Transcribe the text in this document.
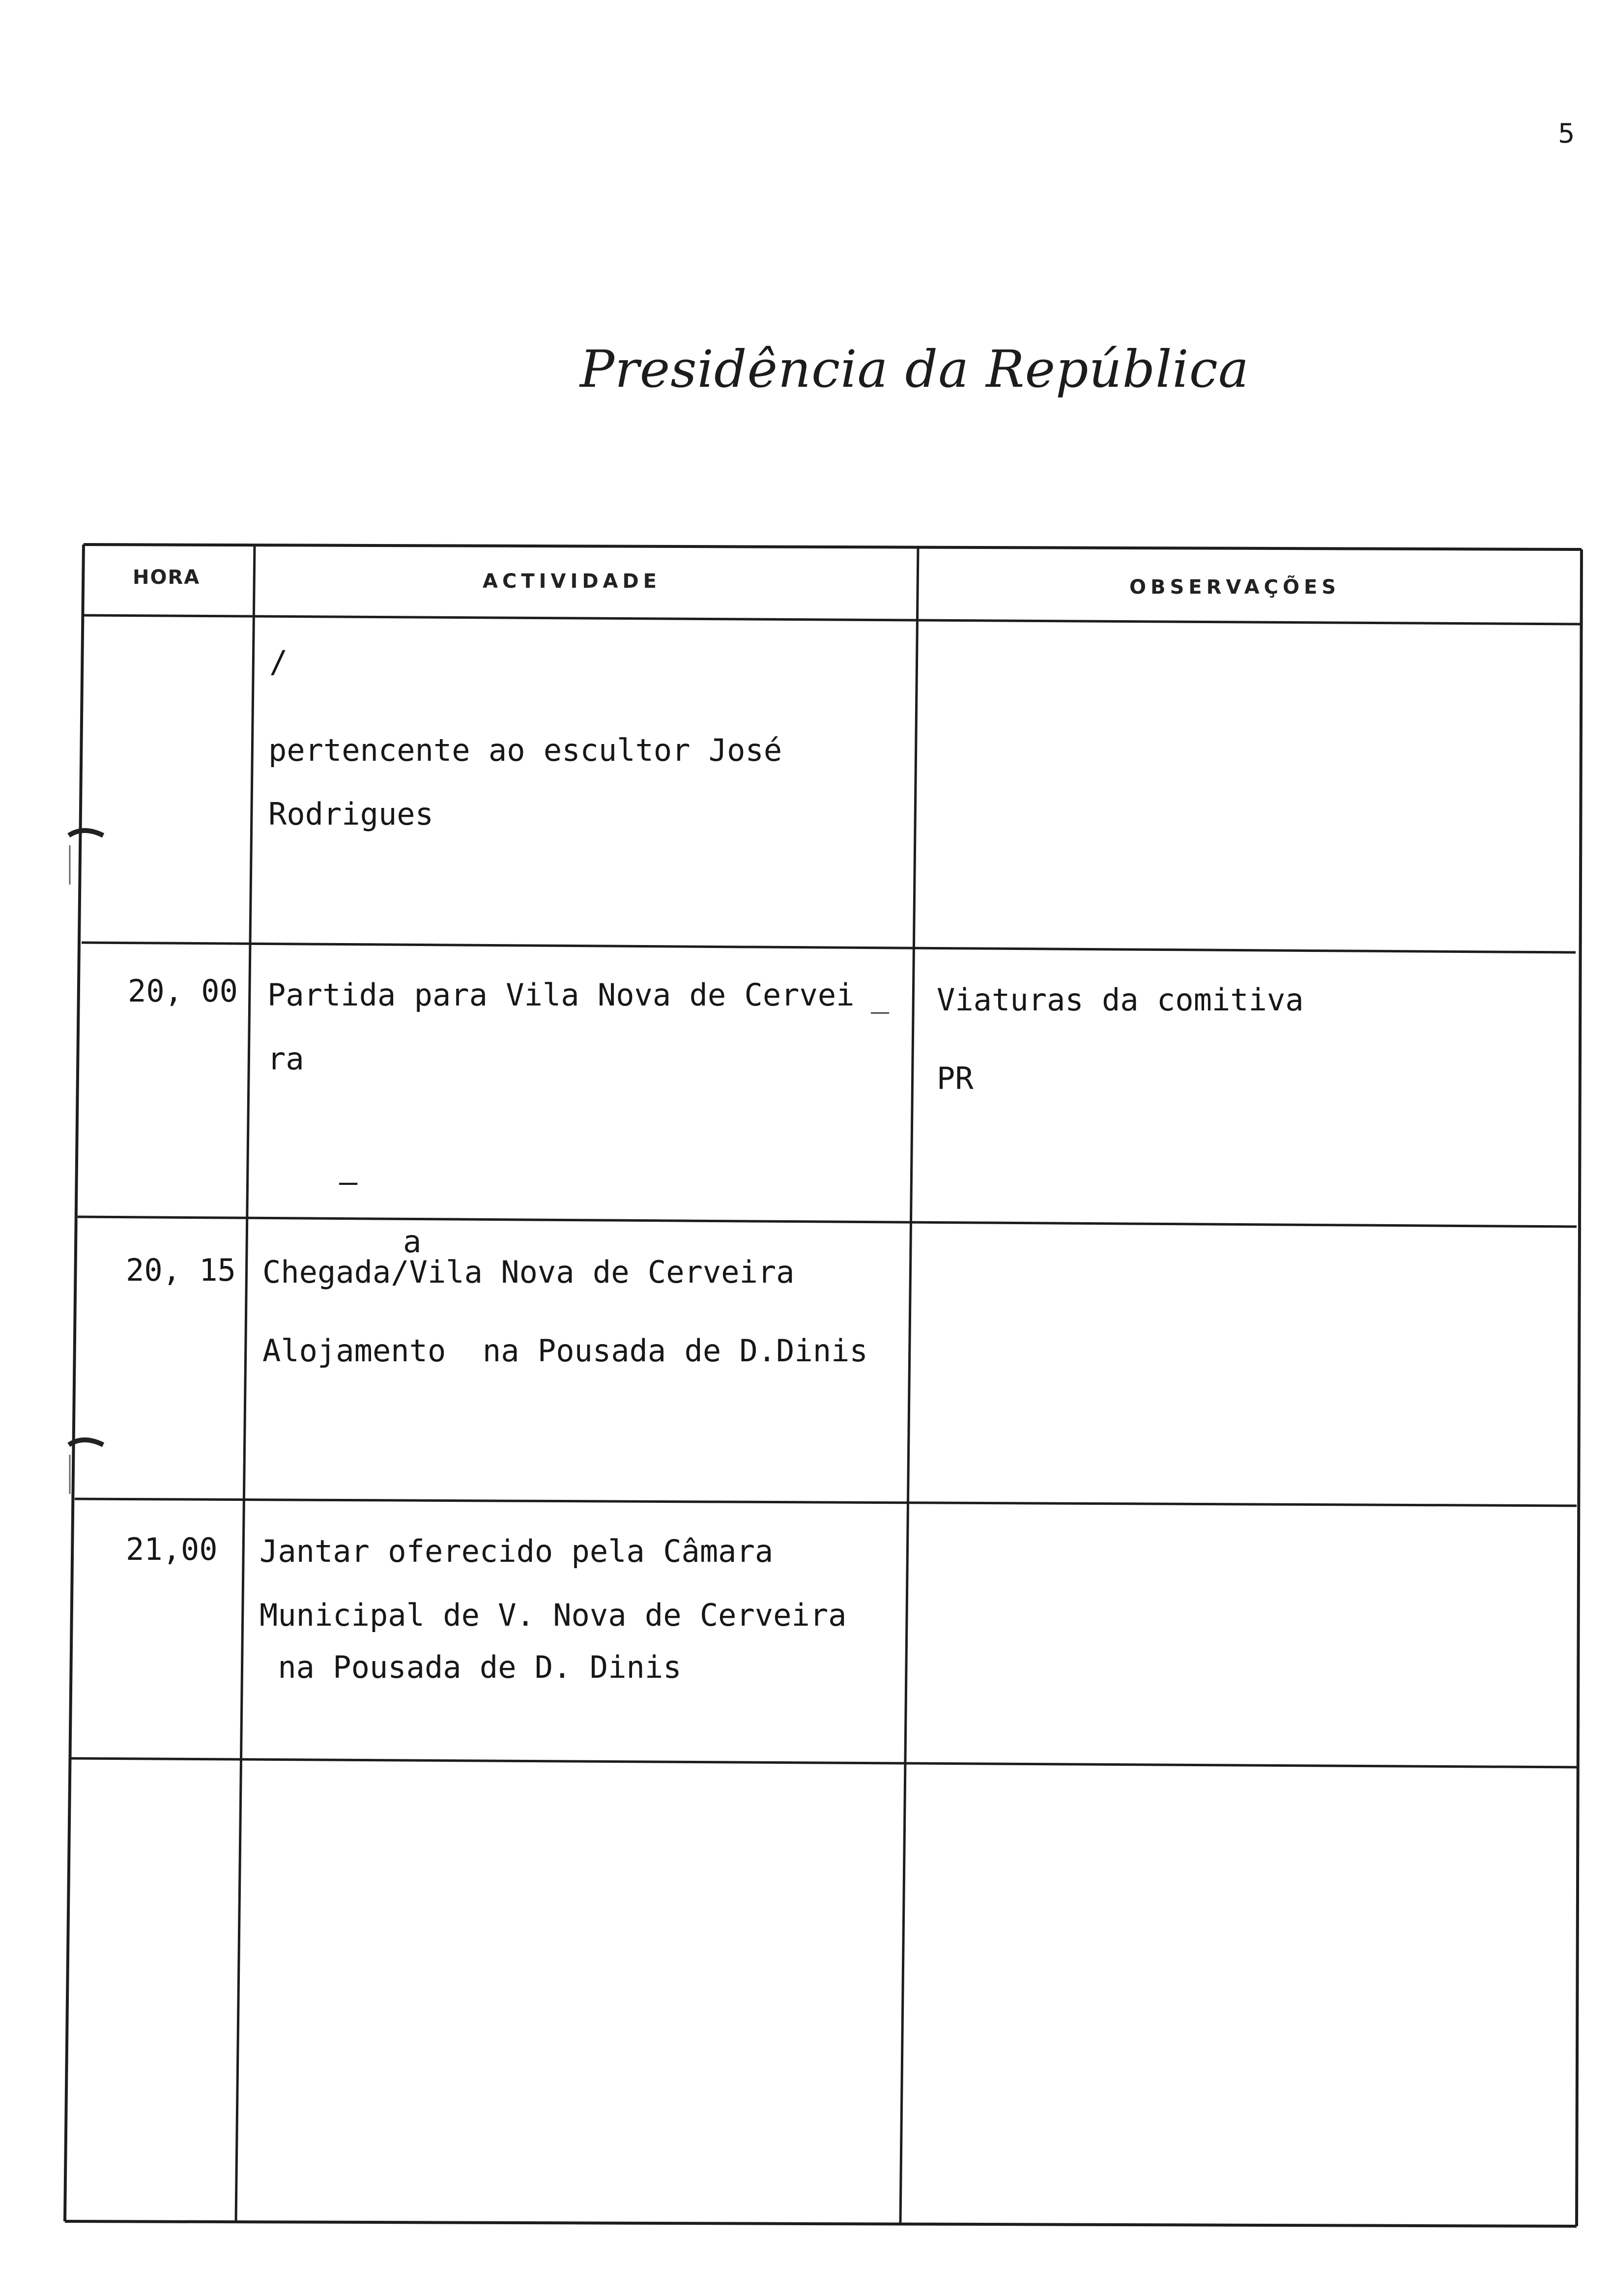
5
Presidência da República
HORA	ACTIVIDADE	OBSERVAÇÕES
/
pertencente ao escultor José
Rodrigues
20, 00 Partida para Vila Nova de Cervei
ra
—
_ Viaturas da comitiva
PR
a
20, 15 Chegada/Vila Nova de Cerveira
Alojamento  na Pousada de D.Dinis
21,00 Jantar oferecido pela Câmara
Municipal de V. Nova de Cerveira
na Pousada de D. Dinis
